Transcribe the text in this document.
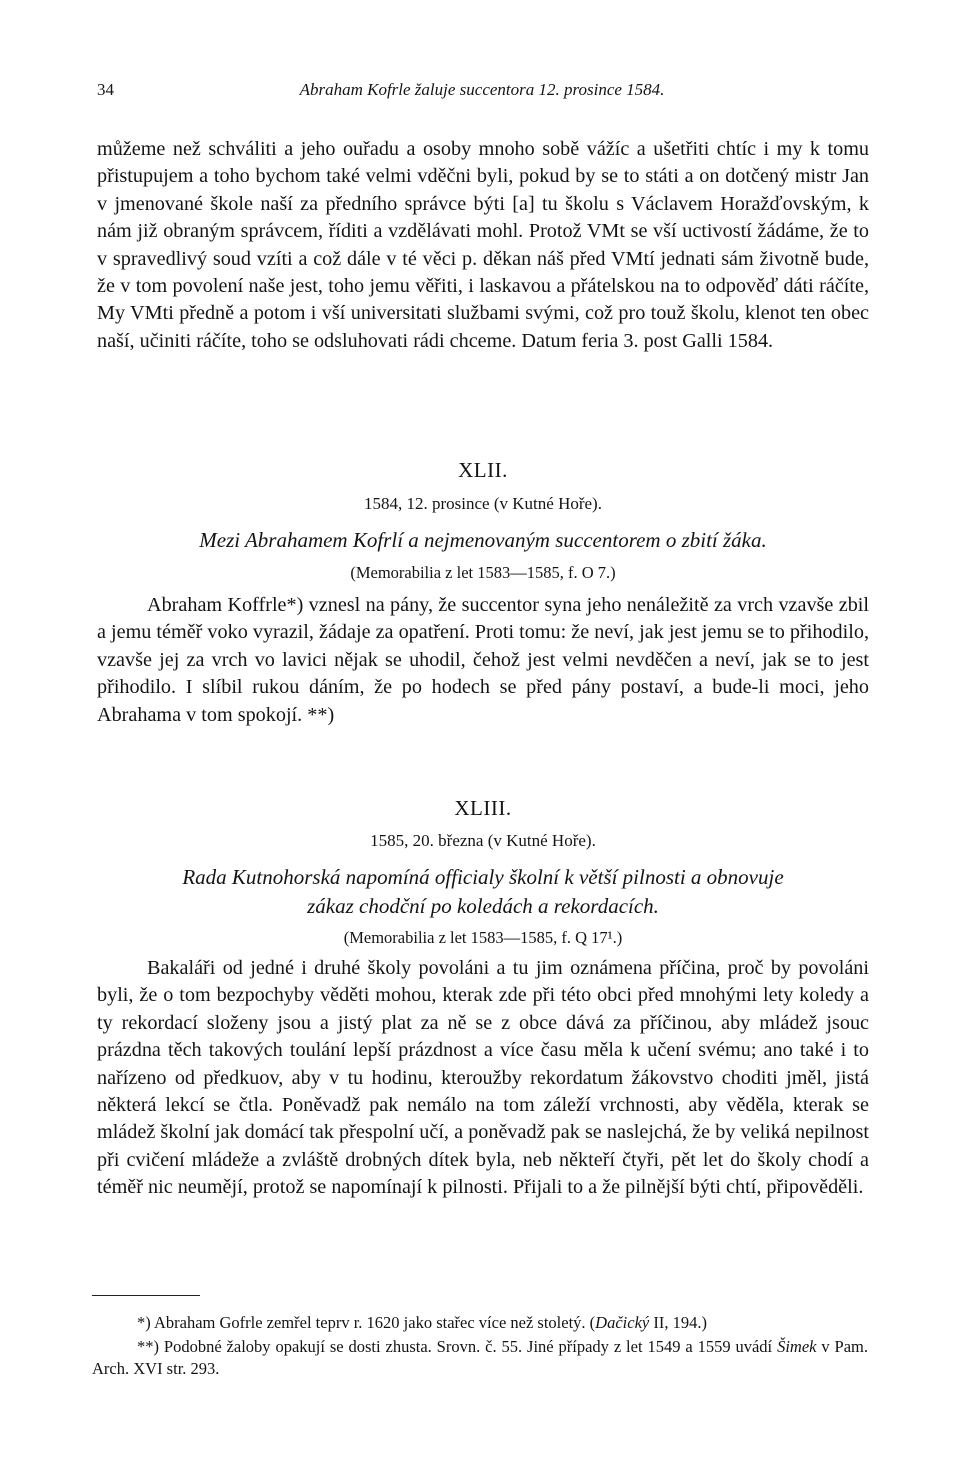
34	Abraham Kofrle žaluje succentora 12. prosince 1584.

můžeme než schváliti a jeho ouřadu a osoby mnoho sobě vážíc a ušetřiti chtíc i my k tomu přistupujem a toho bychom také velmi vděčni byli, pokud by se to státi a on dotčený mistr Jan v jmenované škole naší za předního správce býti [a] tu školu s Václavem Horažďovským, k nám již obraným správcem, říditi a vzdělávati mohl. Protož VMt se vší uctivostí žádáme, že to v spravedlivý soud vzíti a což dále v té věci p. děkan náš před VMtí jednati sám životně bude, že v tom povolení naše jest, toho jemu věřiti, i laskavou a přátelskou na to odpověď dáti ráčíte, My VMti předně a potom i vší universitati službami svými, což pro touž školu, klenot ten obec naší, učiniti ráčíte, toho se odsluhovati rádi chceme. Datum feria 3. post Galli 1584.

XLII.
1584, 12. prosince (v Kutné Hoře).
Mezi Abrahamem Kofrlí a nejmenovaným succentorem o zbití žáka.
(Memorabilia z let 1583—1585, f. O 7.)

Abraham Koffrle*) vznesl na pány, že succentor syna jeho nenáležitě za vrch vzavše zbil a jemu téměř voko vyrazil, žádaje za opatření. Proti tomu: že neví, jak jest jemu se to přihodilo, vzavše jej za vrch vo lavici nějak se uhodil, čehož jest velmi nevděčen a neví, jak se to jest přihodilo. I slíbil rukou dáním, že po hodech se před pány postaví, a bude-li moci, jeho Abrahama v tom spokojí. **)

XLIII.
1585, 20. března (v Kutné Hoře).
Rada Kutnohorská napomíná officialy školní k větší pilnosti a obnovuje
zákaz chodční po koledách a rekordacích.
(Memorabilia z let 1583—1585, f. Q 17¹.)

Bakaláři od jedné i druhé školy povoláni a tu jim oznámena příčina, proč by povoláni byli, že o tom bezpochyby věděti mohou, kterak zde při této obci před mnohými lety koledy a ty rekordací složeny jsou a jistý plat za ně se z obce dává za příčinou, aby mládež jsouc prázdna těch takových toulání lepší prázdnost a více času měla k učení svému; ano také i to nařízeno od předkuov, aby v tu hodinu, kteroužby rekordatum žákovstvo choditi jměl, jistá některá lekcí se čtla. Poněvadž pak nemálo na tom záleží vrchnosti, aby věděla, kterak se mládež školní jak domácí tak přespolní učí, a poněvadž pak se naslejchá, že by veliká nepilnost při cvičení mládeže a zvláště drobných dítek byla, neb někteří čtyři, pět let do školy chodí a téměř nic neumějí, protož se napomínají k pilnosti. Přijali to a že pilnější býti chtí, připověděli.

*) Abraham Gofrle zemřel teprv r. 1620 jako stařec více než stoletý. (Dačický II, 194.)

**) Podobné žaloby opakují se dosti zhusta. Srovn. č. 55. Jiné případy z let 1549 a 1559 uvádí Šimek v Pam. Arch. XVI str. 293.
